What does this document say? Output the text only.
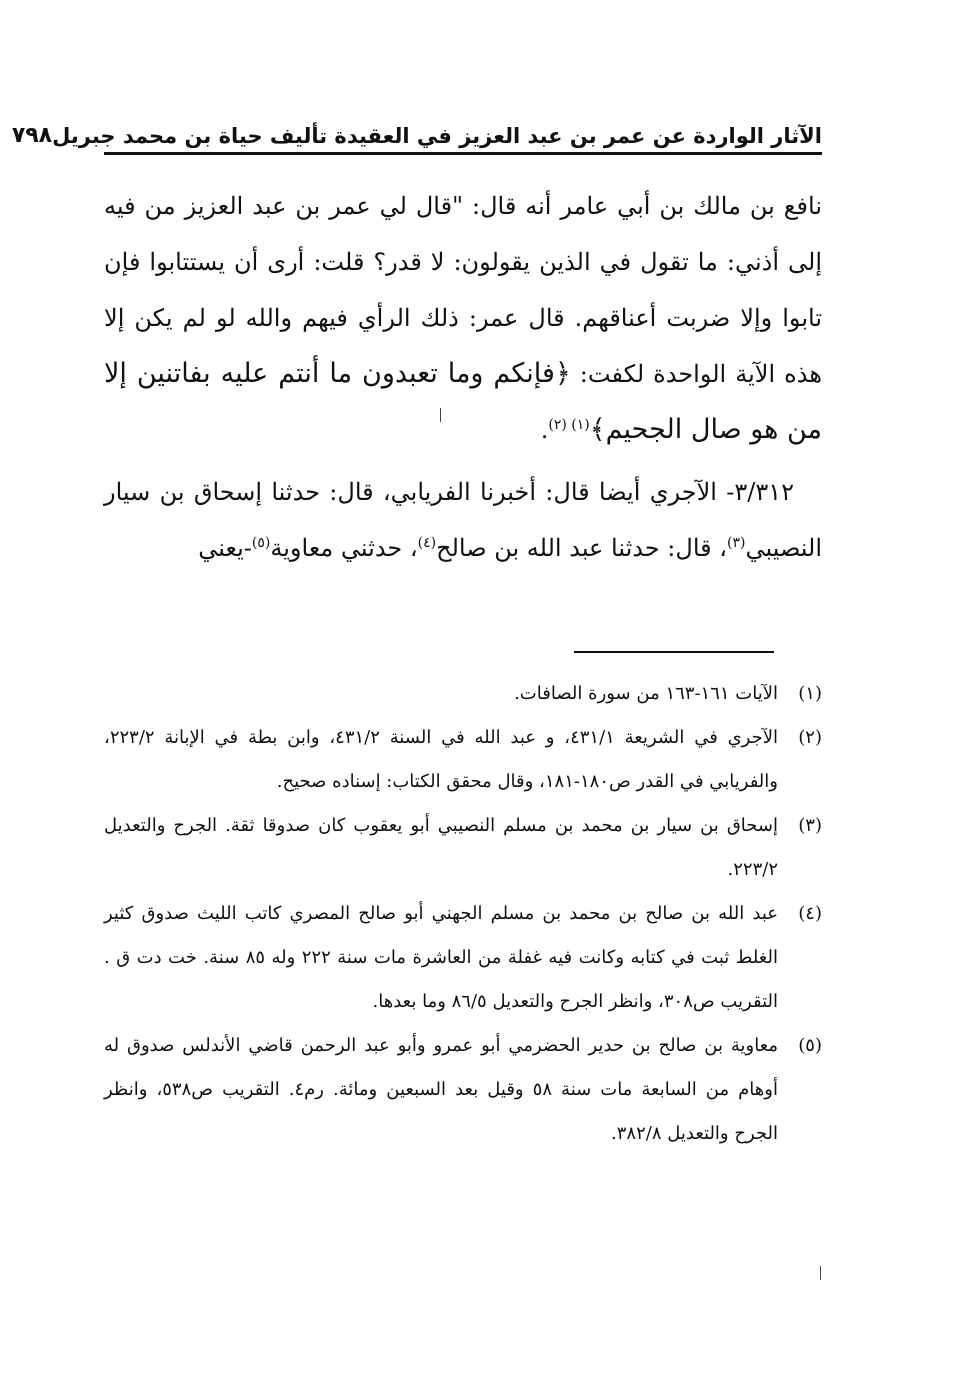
الآثار الواردة عن عمر بن عبد العزيز في العقيدة تأليف حياة بن محمد جبريل
٧٩٨

نافع بن مالك بن أبي عامر أنه قال: "قال لي عمر بن عبد العزيز من فيه إلى أذني: ما تقول في الذين يقولون: لا قدر؟ قلت: أرى أن يستتابوا فإن تابوا وإلا ضربت أعناقهم. قال عمر: ذلك الرأي فيهم والله لو لم يكن إلا هذه الآية الواحدة لكفت: ﴿فإنكم وما تعبدون ما أنتم عليه بفاتنين إلا من هو صال الجحيم﴾$^{(١) (٢)}$.

٣/٣١٢- الآجري أيضا قال: أخبرنا الفريابي، قال: حدثنا إسحاق بن سيار النصيبي$^{(٣)}$، قال: حدثنا عبد الله بن صالح$^{(٤)}$، حدثني معاوية$^{(٥)}$-يعني

(١)
الآيات ١٦١-١٦٣ من سورة الصافات.
(٢)
الآجري في الشريعة ٤٣١/١، و عبد الله في السنة ٤٣١/٢، وابن بطة في الإبانة ٢٢٣/٢، والفريابي في القدر ص١٨٠-١٨١، وقال محقق الكتاب: إسناده صحيح.
(٣)
إسحاق بن سيار بن محمد بن مسلم النصيبي أبو يعقوب كان صدوقا ثقة. الجرح والتعديل ٢٢٣/٢.
(٤)
عبد الله بن صالح بن محمد بن مسلم الجهني أبو صالح المصري كاتب الليث صدوق كثير الغلط ثبت في كتابه وكانت فيه غفلة من العاشرة مات سنة ٢٢٢ وله ٨٥ سنة. خت دت ق . التقريب ص٣٠٨، وانظر الجرح والتعديل ٨٦/٥ وما بعدها.
(٥)
معاوية بن صالح بن حدير الحضرمي أبو عمرو وأبو عبد الرحمن قاضي الأندلس صدوق له أوهام من السابعة مات سنة ٥٨ وقيل بعد السبعين ومائة. رم٤. التقريب ص٥٣٨، وانظر الجرح والتعديل ٣٨٢/٨.
